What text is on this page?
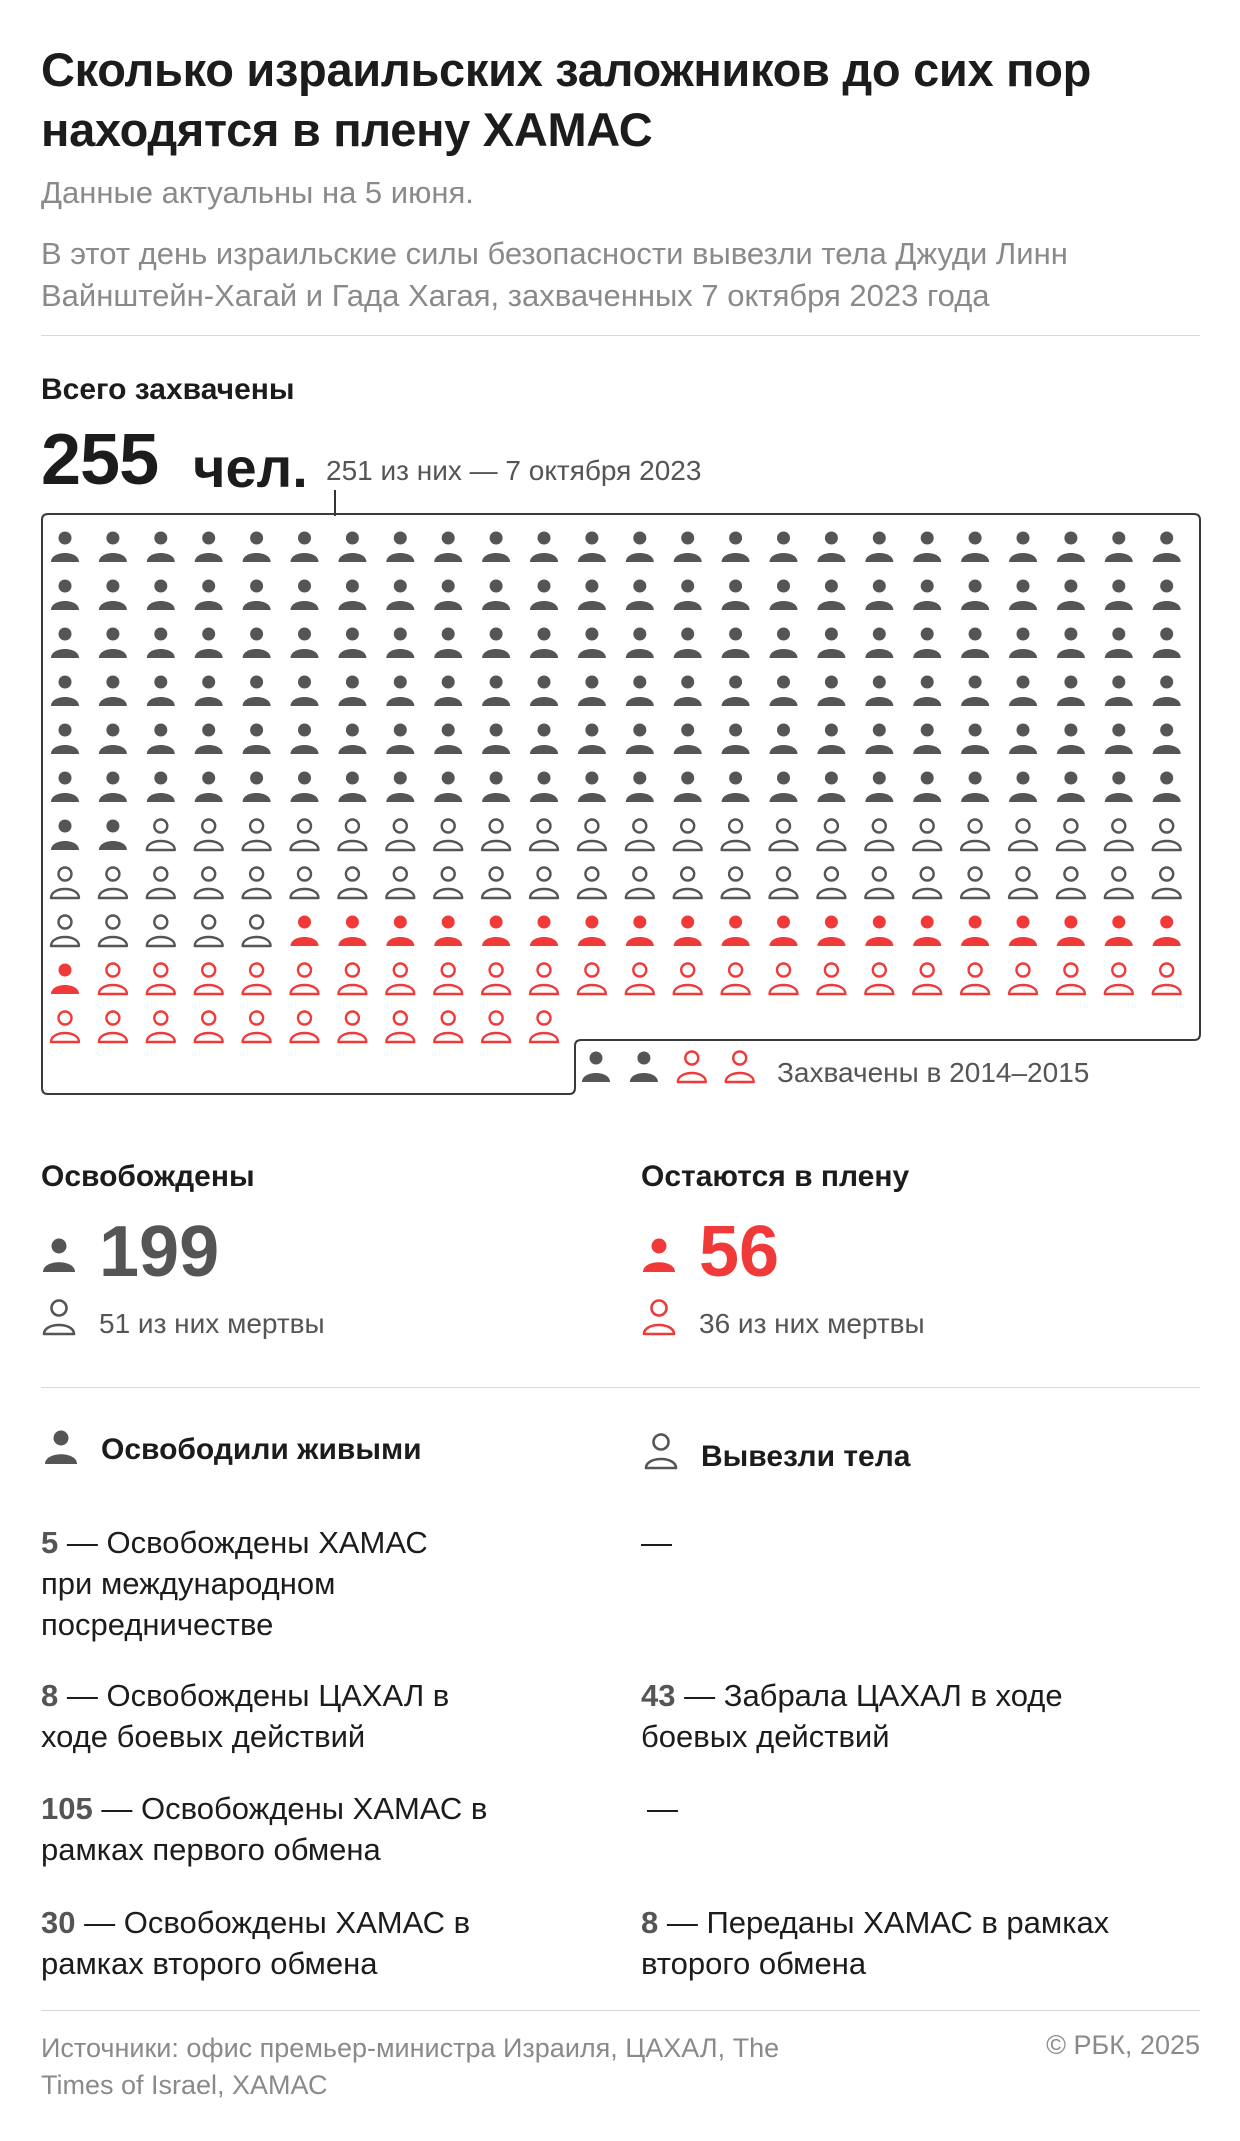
Сколько израильских заложников до сих пор находятся в плену ХАМАС
Данные актуальны на 5 июня.
В этот день израильские силы безопасности вывезли тела Джуди Линн Вайнштейн-Хагай и Гада Хагая, захваченных 7 октября 2023 года
Всего захвачены
255 чел. 251 из них — 7 октября 2023
Захвачены в 2014–2015
Освобождены	Остаются в плену
199
51 из них мертвы
56
36 из них мертвы
Освободили живыми	Вывезли тела
5 — Освобождены ХАМАС при международном посредничестве
—
8 — Освобождены ЦАХАЛ в ходе боевых действий
43 — Забрала ЦАХАЛ в ходе боевых действий
105 — Освобождены ХАМАС в рамках первого обмена
—
30 — Освобождены ХАМАС в рамках второго обмена
8 — Переданы ХАМАС в рамках второго обмена
Источники: офис премьер-министра Израиля, ЦАХАЛ, The Times of Israel, ХАМАС
© РБК, 2025
